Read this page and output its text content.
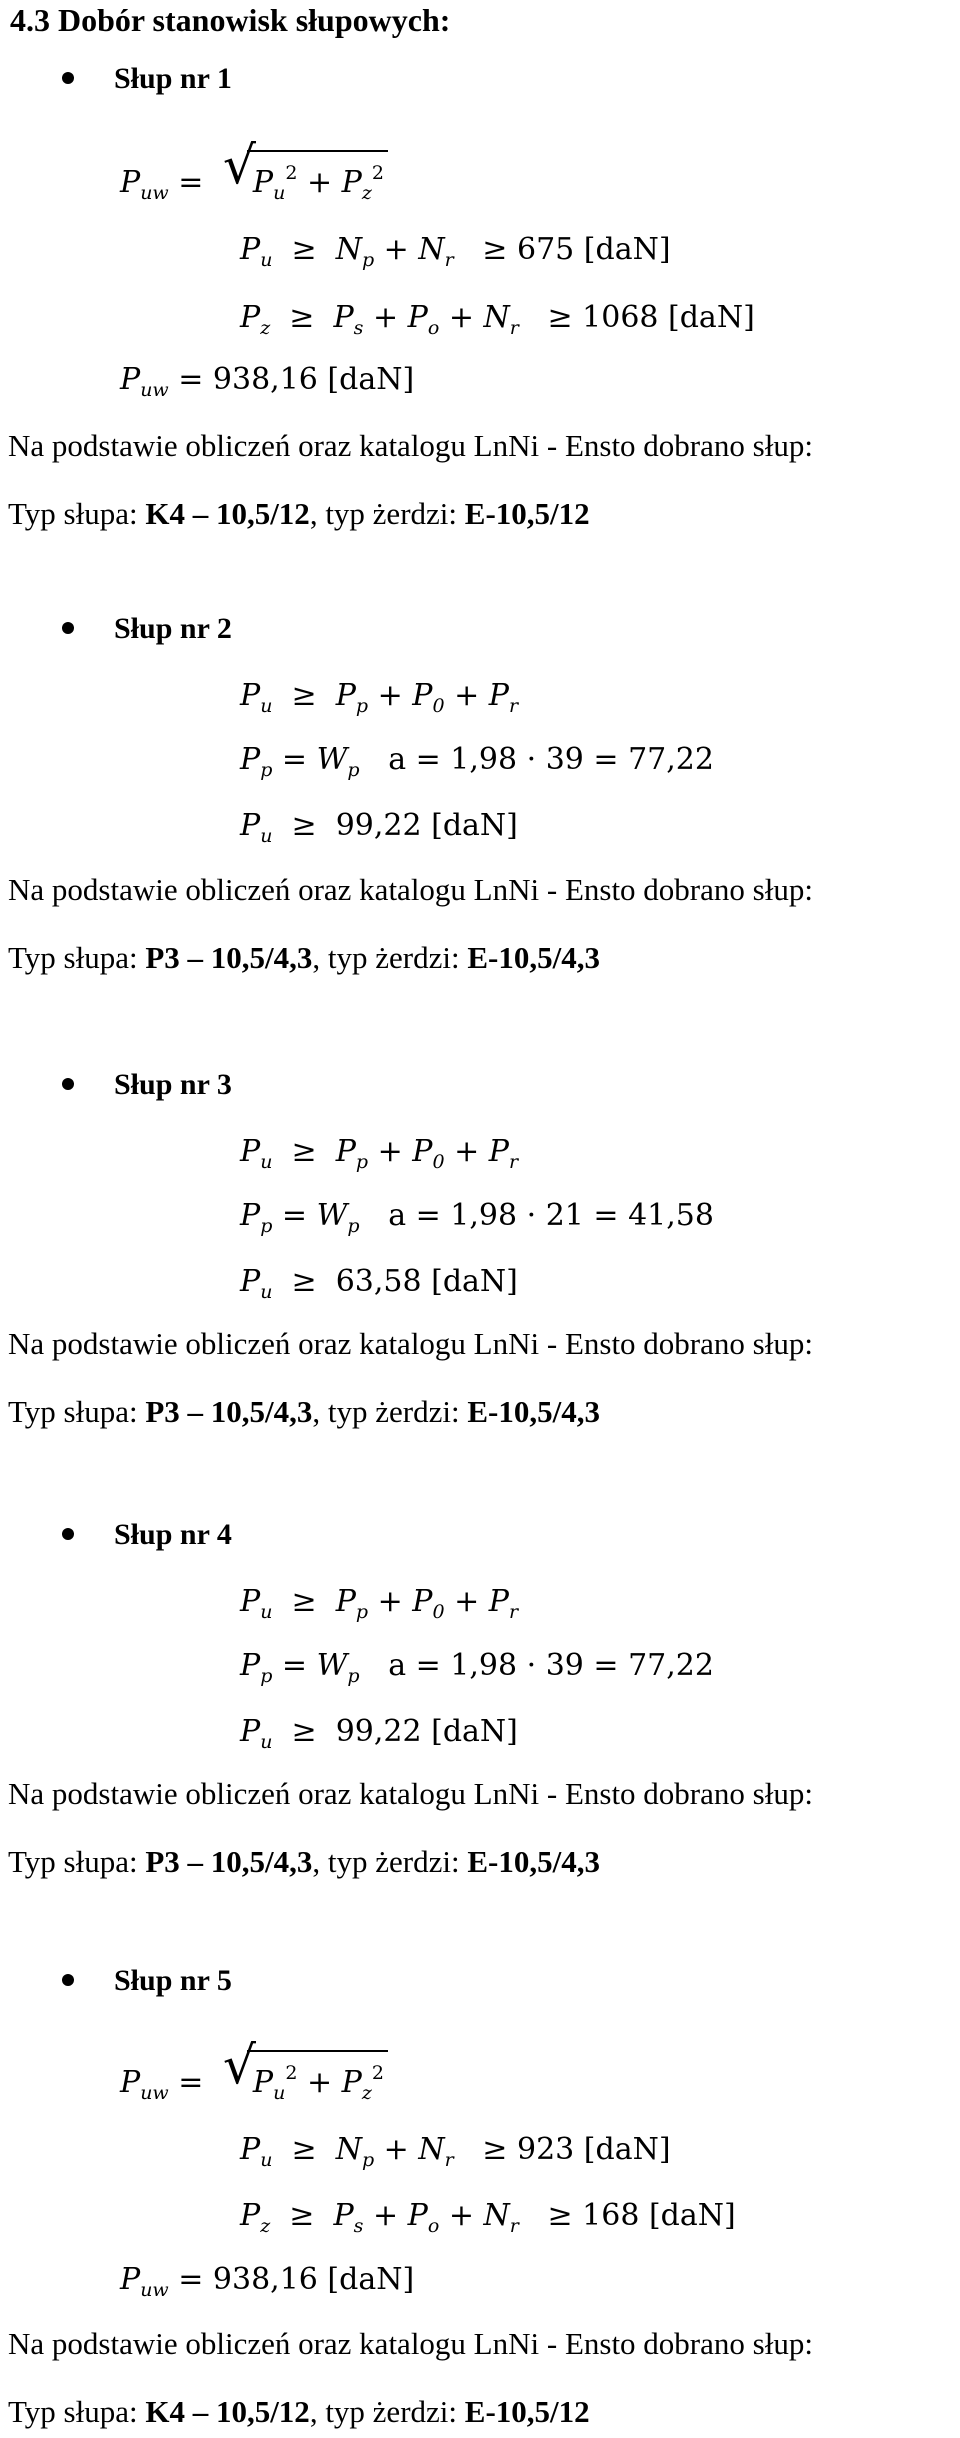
4.3 Dobór stanowisk słupowych:
Słup nr 1
$P_{uw}$ = √
$P_u^2 + P_z^2$
$P_u \ge N_p + N_r \ge 675$ [daN]
$P_z \ge P_s + P_o + N_r \ge 1068$ [daN]
$P_{uw} = 938,16$ [daN]
Na podstawie obliczeń oraz katalogu LnNi - Ensto dobrano słup:
Typ słupa: K4 – 10,5/12, typ żerdzi: E-10,5/12
Słup nr 2
$P_u \ge P_p + P_0 + P_r$
$P_p = W_p$ a = 1,98 · 39 = 77,22
$P_u \ge 99,22$ [daN]
Na podstawie obliczeń oraz katalogu LnNi - Ensto dobrano słup:
Typ słupa: P3 – 10,5/4,3, typ żerdzi: E-10,5/4,3
Słup nr 3
$P_u \ge P_p + P_0 + P_r$
$P_p = W_p$ a = 1,98 · 21 = 41,58
$P_u \ge 63,58$ [daN]
Na podstawie obliczeń oraz katalogu LnNi - Ensto dobrano słup:
Typ słupa: P3 – 10,5/4,3, typ żerdzi: E-10,5/4,3
Słup nr 4
$P_u \ge P_p + P_0 + P_r$
$P_p = W_p$ a = 1,98 · 39 = 77,22
$P_u \ge 99,22$ [daN]
Na podstawie obliczeń oraz katalogu LnNi - Ensto dobrano słup:
Typ słupa: P3 – 10,5/4,3, typ żerdzi: E-10,5/4,3
Słup nr 5
$P_{uw}$ = √
$P_u^2 + P_z^2$
$P_u \ge N_p + N_r \ge 923$ [daN]
$P_z \ge P_s + P_o + N_r \ge 168$ [daN]
$P_{uw} = 938,16$ [daN]
Na podstawie obliczeń oraz katalogu LnNi - Ensto dobrano słup:
Typ słupa: K4 – 10,5/12, typ żerdzi: E-10,5/12
